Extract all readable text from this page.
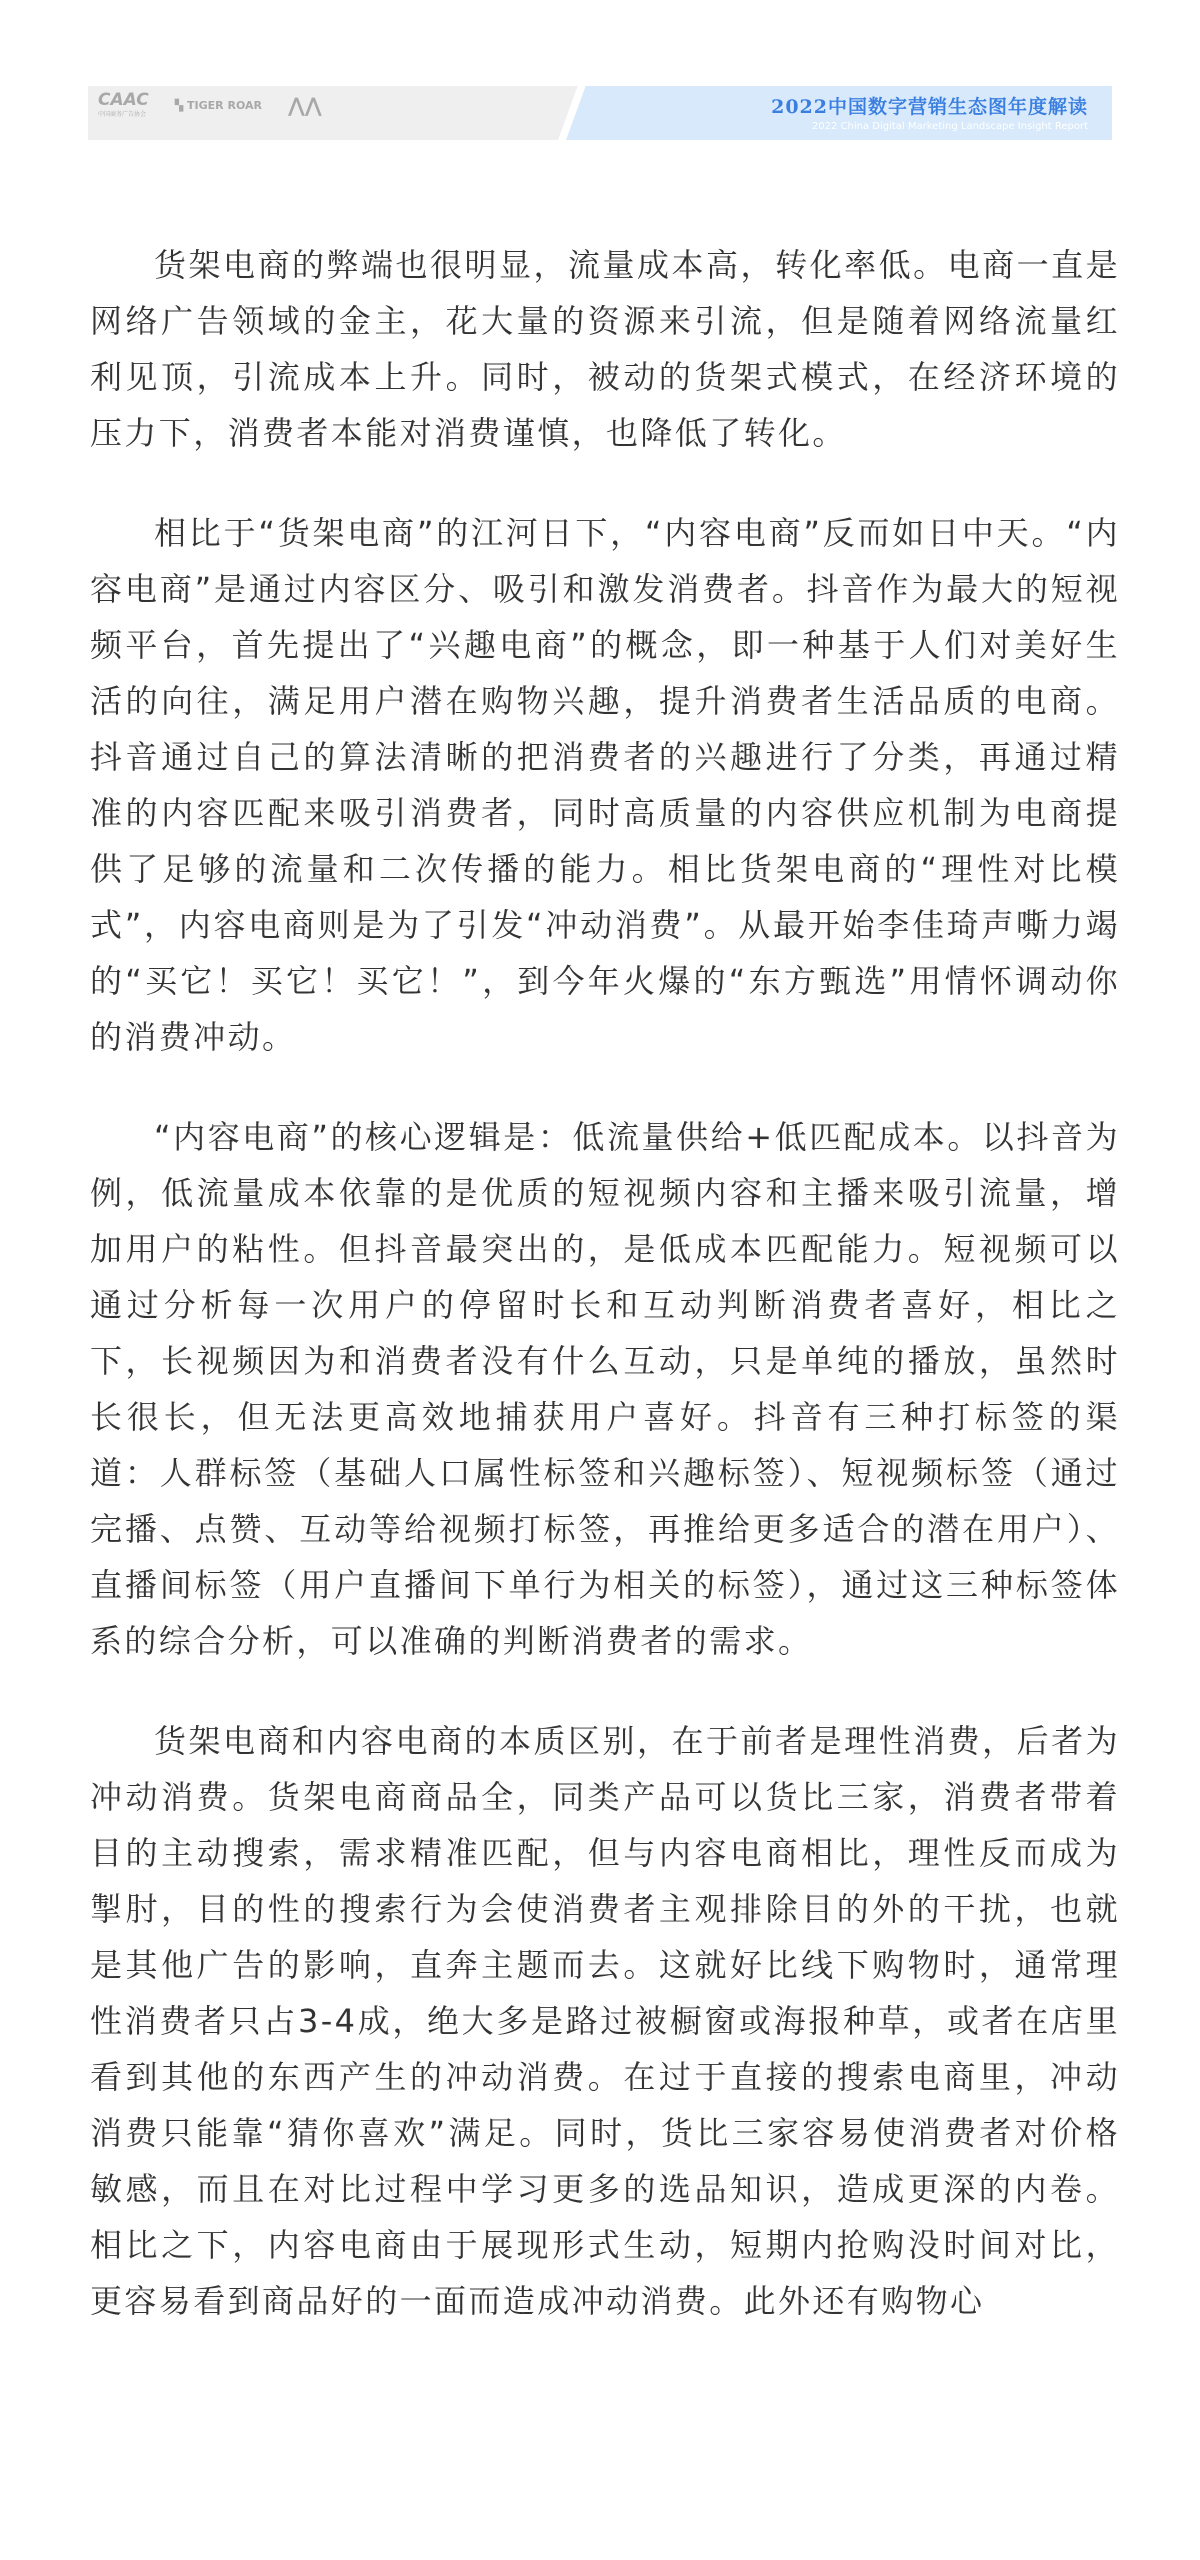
CAAC
中国商务广告协会
▚ TIGER ROAR ⋀⋀	2022中国数字营销生态图年度解读
2022 China Digital Marketing Landscape Insight Report

货架电商的弊端也很明显，流量成本高，转化率低。电商一直是网络广告领域的金主，花大量的资源来引流，但是随着网络流量红利见顶，引流成本上升。同时，被动的货架式模式，在经济环境的压力下，消费者本能对消费谨慎，也降低了转化。

相比于“货架电商”的江河日下，“内容电商”反而如日中天。“内容电商”是通过内容区分、吸引和激发消费者。抖音作为最大的短视频平台，首先提出了“兴趣电商”的概念，即一种基于人们对美好生活的向往，满足用户潜在购物兴趣，提升消费者生活品质的电商。抖音通过自己的算法清晰的把消费者的兴趣进行了分类，再通过精准的内容匹配来吸引消费者，同时高质量的内容供应机制为电商提供了足够的流量和二次传播的能力。相比货架电商的“理性对比模式”，内容电商则是为了引发“冲动消费”。从最开始李佳琦声嘶力竭的“买它！买它！买它！”，到今年火爆的“东方甄选”用情怀调动你的消费冲动。

“内容电商”的核心逻辑是：低流量供给+低匹配成本。以抖音为例，低流量成本依靠的是优质的短视频内容和主播来吸引流量，增加用户的粘性。但抖音最突出的，是低成本匹配能力。短视频可以通过分析每一次用户的停留时长和互动判断消费者喜好，相比之下，长视频因为和消费者没有什么互动，只是单纯的播放，虽然时长很长，但无法更高效地捕获用户喜好。抖音有三种打标签的渠道：人群标签（基础人口属性标签和兴趣标签）、短视频标签（通过完播、点赞、互动等给视频打标签，再推给更多适合的潜在用户）、直播间标签（用户直播间下单行为相关的标签），通过这三种标签体系的综合分析，可以准确的判断消费者的需求。

货架电商和内容电商的本质区别，在于前者是理性消费，后者为冲动消费。货架电商商品全，同类产品可以货比三家，消费者带着目的主动搜索，需求精准匹配，但与内容电商相比，理性反而成为掣肘，目的性的搜索行为会使消费者主观排除目的外的干扰，也就是其他广告的影响，直奔主题而去。这就好比线下购物时，通常理性消费者只占3-4成，绝大多是路过被橱窗或海报种草，或者在店里看到其他的东西产生的冲动消费。在过于直接的搜索电商里，冲动消费只能靠“猜你喜欢”满足。同时，货比三家容易使消费者对价格敏感，而且在对比过程中学习更多的选品知识，造成更深的内卷。相比之下，内容电商由于展现形式生动，短期内抢购没时间对比，更容易看到商品好的一面而造成冲动消费。此外还有购物心
